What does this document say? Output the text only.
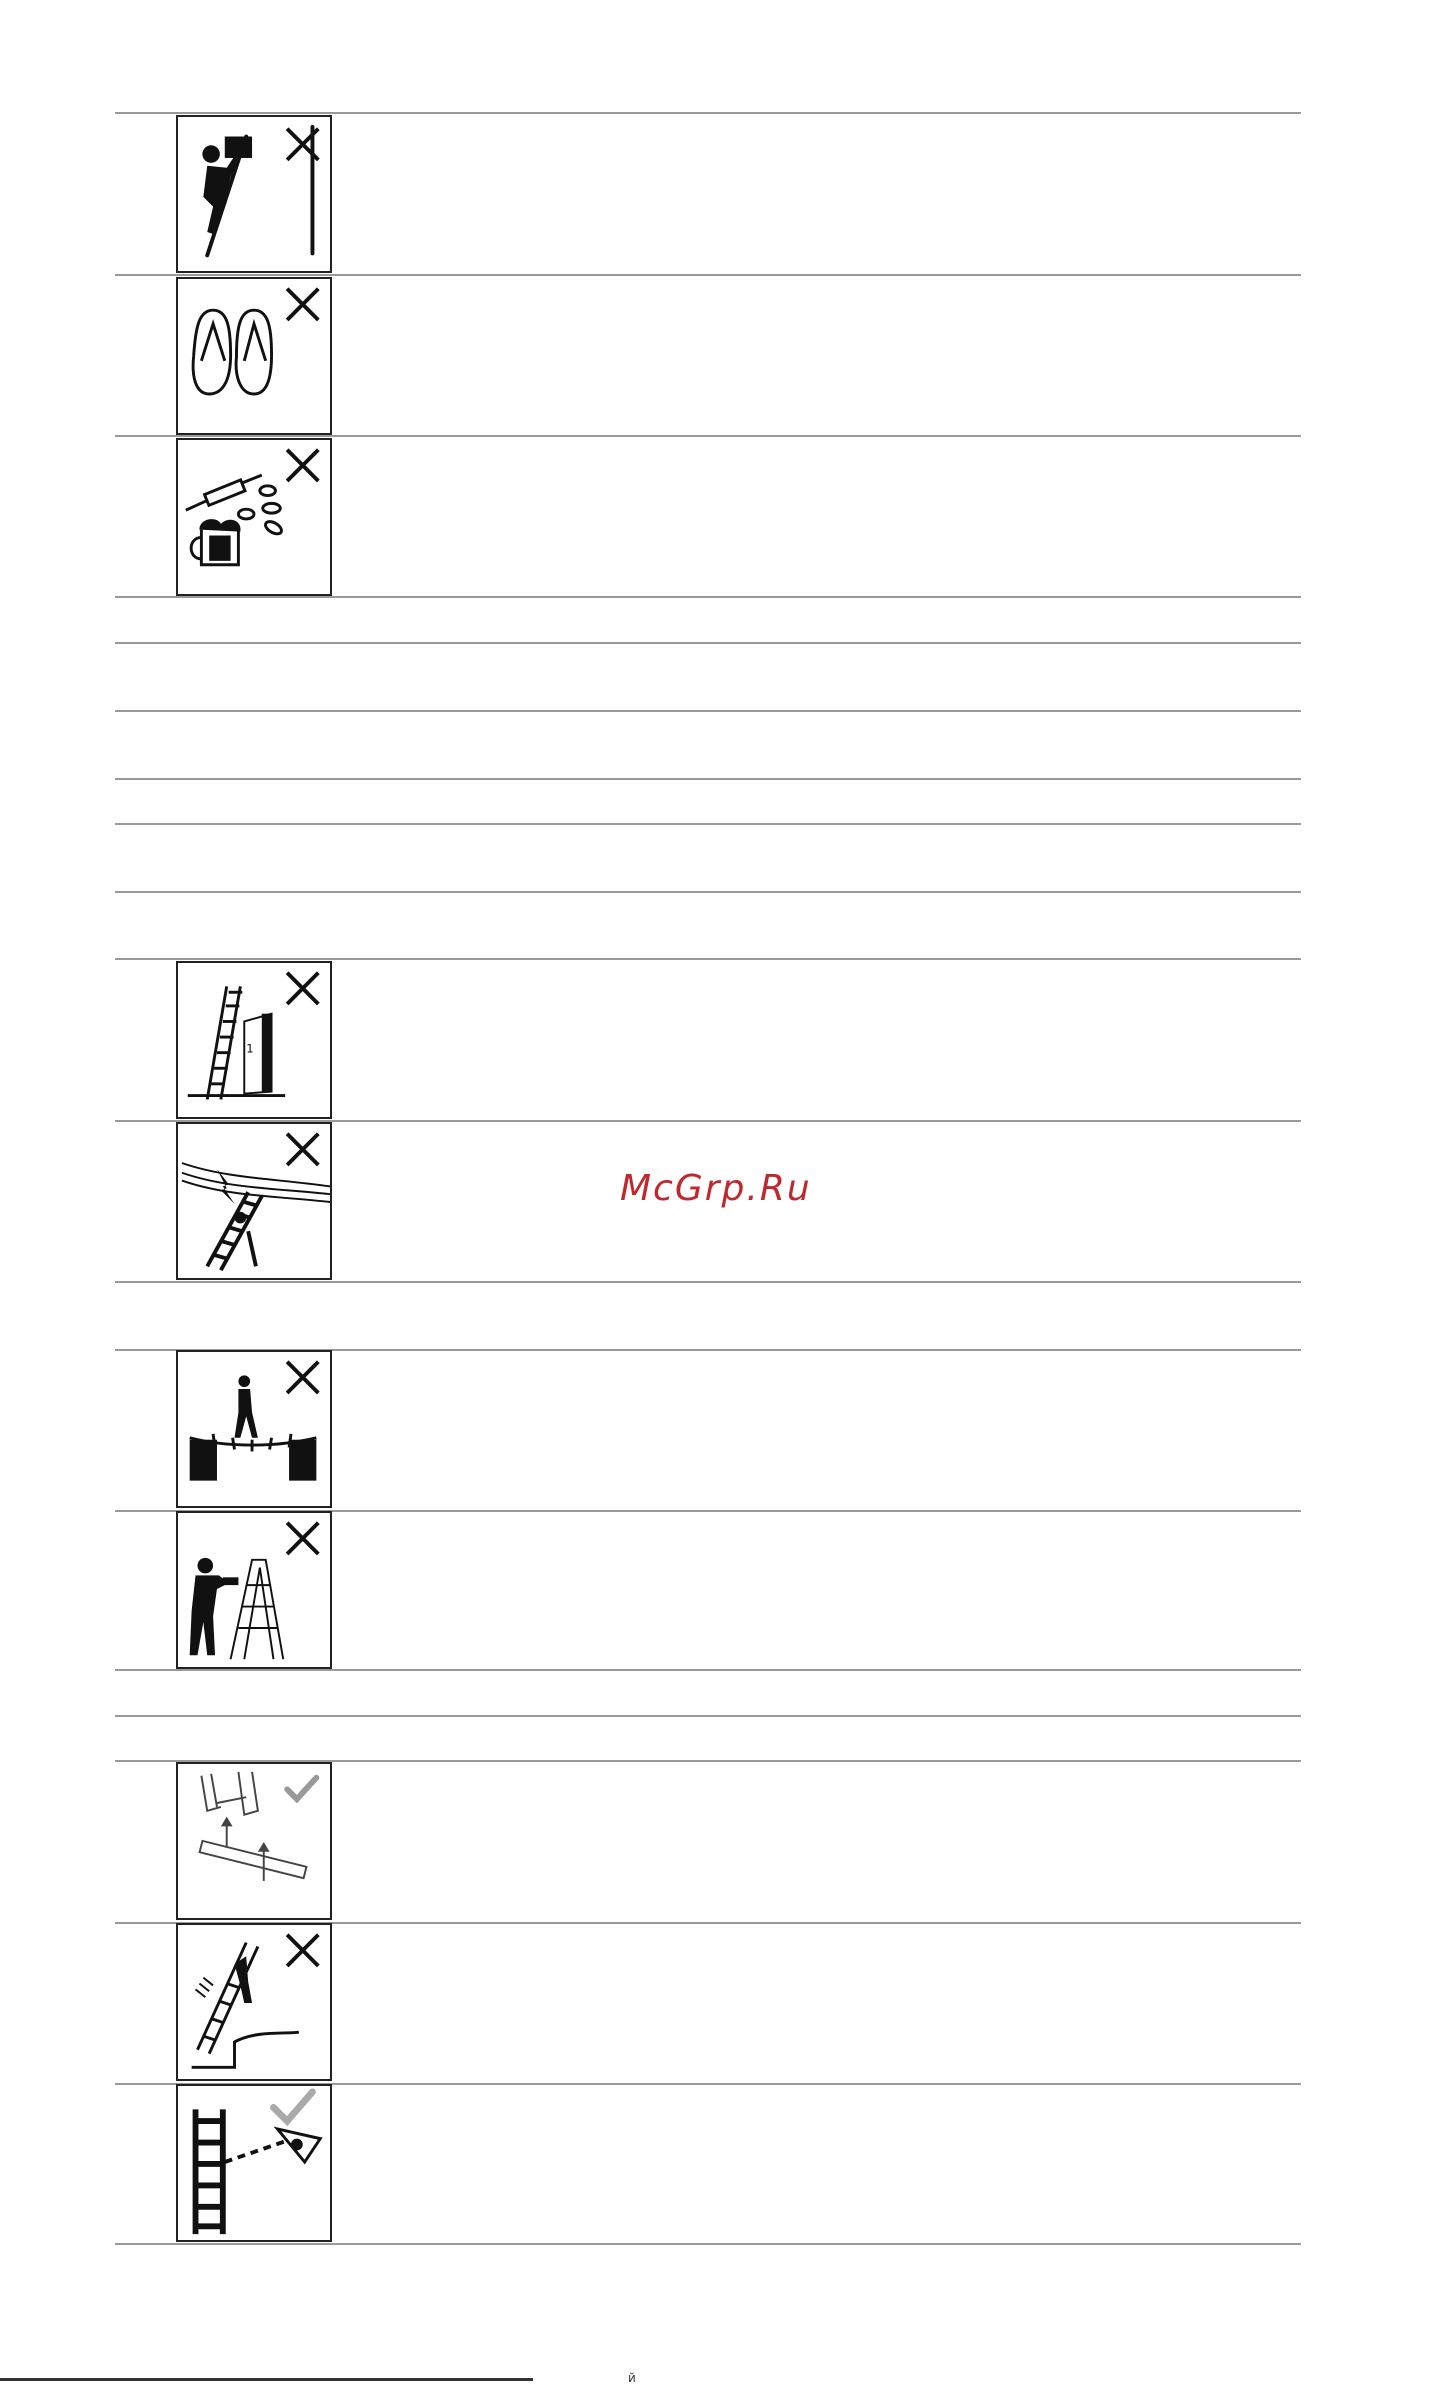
1
McGrp.Ru
й
